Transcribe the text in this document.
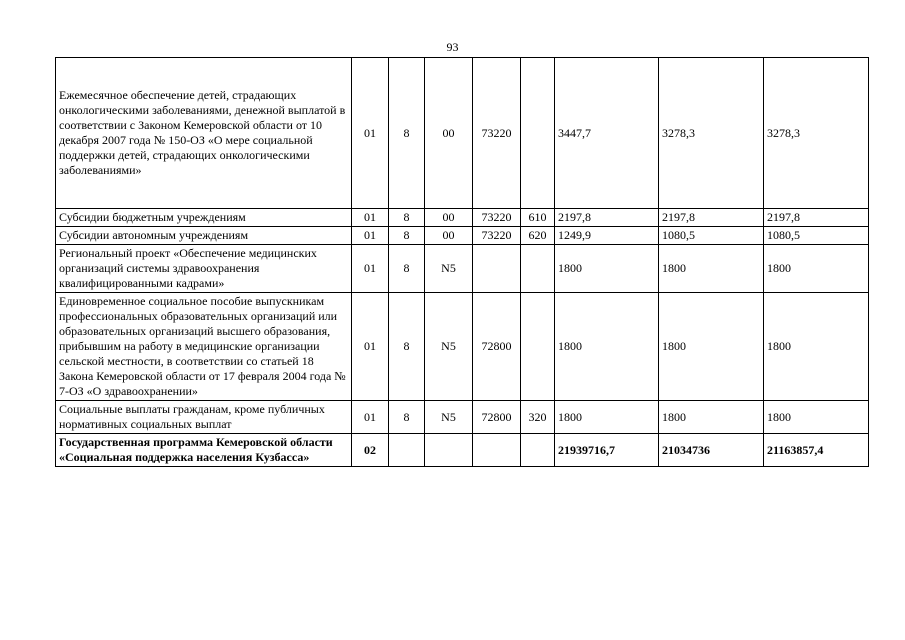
93
Ежемесячное обеспечение детей, страдающих онкологическими заболеваниями, денежной выплатой в соответствии с Законом Кемеровской области от 10 декабря 2007 года № 150-ОЗ «О мере социальной поддержки детей, страдающих онкологическими заболеваниями»	01	8	00	73220		3447,7	3278,3	3278,3
Субсидии бюджетным учреждениям	01	8	00	73220	610	2197,8	2197,8	2197,8
Субсидии автономным учреждениям	01	8	00	73220	620	1249,9	1080,5	1080,5
Региональный проект «Обеспечение медицинских организаций системы здравоохранения квалифицированными кадрами»	01	8	N5			1800	1800	1800
Единовременное социальное пособие выпускникам профессиональных образовательных организаций или образовательных организаций высшего образования, прибывшим на работу в медицинские организации сельской местности, в соответствии со статьей 18 Закона Кемеровской области от 17 февраля 2004 года № 7-ОЗ «О здравоохранении»	01	8	N5	72800		1800	1800	1800
Социальные выплаты гражданам, кроме публичных нормативных социальных выплат	01	8	N5	72800	320	1800	1800	1800
Государственная программа Кемеровской области «Социальная поддержка населения Кузбасса»	02					21939716,7	21034736	21163857,4
